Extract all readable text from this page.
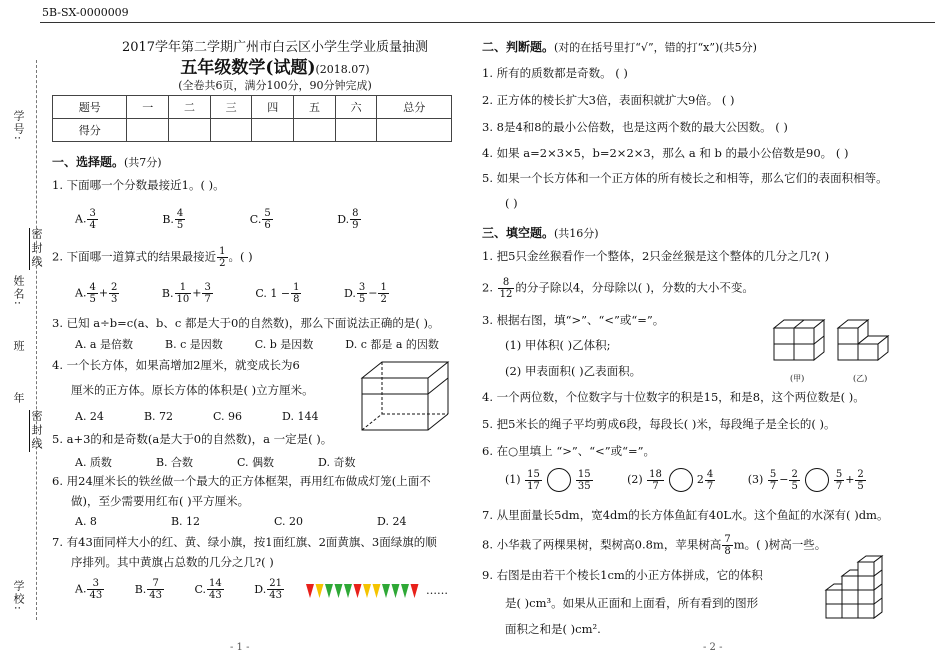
5B-SX-0000009
学号:
姓名:
班
年
学校:
密封线
密封线
2017学年第二学期广州市白云区小学生学业质量抽测
五年级数学(试题)(2018.07)
(全卷共6页，满分100分，90分钟完成)
题号	一	二	三	四	五	六	总分
得分							
一、选择题。(共7分)
1. 下面哪一个分数最接近1。( )。
A. $\frac{3}{4}$	B. $\frac{4}{5}$	C. $\frac{5}{6}$	D. $\frac{8}{9}$
2. 下面哪一道算式的结果最接近 $\frac{1}{2}$ 。( )
A. $\frac{4}{5} + \frac{2}{3}$	B. $\frac{1}{10} + \frac{3}{7}$	C. $1 - \frac{1}{8}$	D. $\frac{3}{5} - \frac{1}{2}$
3. 已知 a÷b=c(a、b、c 都是大于0的自然数)，那么下面说法正确的是( )。
A. a 是倍数	B. c 是因数	C. b 是因数	D. c 都是 a 的因数
4. 一个长方体，如果高增加2厘米，就变成长为6
厘米的正方体。原长方体的体积是( )立方厘米。
A. 24	B. 72	C. 96	D. 144
5. a+3的和是奇数(a是大于0的自然数)，a 一定是( )。
A. 质数	B. 合数	C. 偶数	D. 奇数
6. 用24厘米长的铁丝做一个最大的正方体框架，再用红布做成灯笼(上面不
做)，至少需要用红布( )平方厘米。
A. 8	B. 12	C. 20	D. 24
7. 有43面同样大小的红、黄、绿小旗，按1面红旗、2面黄旗、3面绿旗的顺
序排列。其中黄旗占总数的几分之几?( )
A. $\frac{3}{43}$	B. $\frac{7}{43}$	C. $\frac{14}{43}$	D. $\frac{21}{43}$	……
- 1 -
二、判断题。(对的在括号里打“√”，错的打“x”)(共5分)
1. 所有的质数都是奇数。 ( )
2. 正方体的棱长扩大3倍，表面积就扩大9倍。 ( )
3. 8是4和8的最小公倍数，也是这两个数的最大公因数。 ( )
4. 如果 a=2×3×5，b=2×2×3，那么 a 和 b 的最小公倍数是90。 ( )
5. 如果一个长方体和一个正方体的所有棱长之和相等，那么它们的表面积相等。
( )
三、填空题。(共16分)
1. 把5只金丝猴看作一个整体，2只金丝猴是这个整体的几分之几?( )
2. $\frac{8}{12}$ 的分子除以4，分母除以( )，分数的大小不变。
3. 根据右图，填“>”、“<”或“=”。
(1) 甲体积( )乙体积;
(2) 甲表面积( )乙表面积。
(甲)	(乙)
4. 一个两位数，个位数字与十位数字的积是15，和是8，这个两位数是( )。
5. 把5米长的绳子平均剪成6段，每段长( )米，每段绳子是全长的( )。
6. 在○里填上 “>”、“<”或“=”。
$(1) \frac{15}{17}$	$\frac{15}{35}$	$(2) \frac{18}{7}$	$2 \frac{4}{7}$	$(3) \frac{5}{7} - \frac{2}{5}$	$\frac{5}{7} + \frac{2}{5}$
7. 从里面量长5dm，宽4dm的长方体鱼缸有40L水。这个鱼缸的水深有( )dm。
8. 小华栽了两棵果树，梨树高0.8m，苹果树高 $\frac{7}{8}$ m。( )树高一些。
9. 右图是由若干个棱长1cm的小正方体拼成，它的体积
是( )cm³。如果从正面和上面看，所有看到的图形
面积之和是( )cm².
- 2 -
